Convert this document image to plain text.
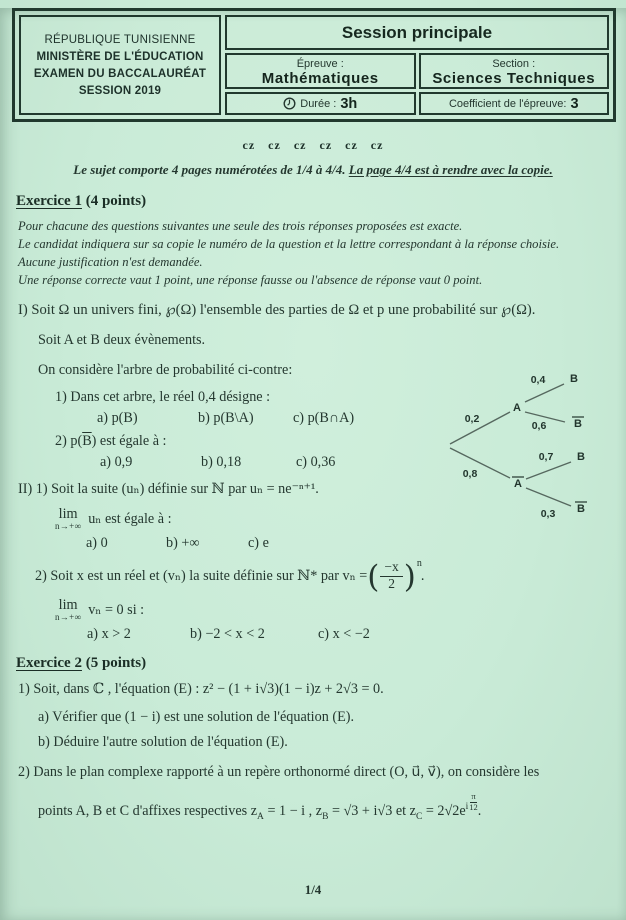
RÉPUBLIQUE TUNISIENNE
MINISTÈRE DE L'ÉDUCATION
EXAMEN DU BACCALAURÉAT
SESSION 2019
Session principale
Épreuve :
Mathématiques
Section :
Sciences Techniques
Durée : 3h	Coefficient de l'épreuve: 3
cz cz cz cz cz cz
Le sujet comporte 4 pages numérotées de 1/4 à 4/4. La page 4/4 est à rendre avec la copie.
Exercice 1 (4 points)
Pour chacune des questions suivantes une seule des trois réponses proposées est exacte.
Le candidat indiquera sur sa copie le numéro de la question et la lettre correspondant à la réponse choisie.
Aucune justification n'est demandée.
Une réponse correcte vaut 1 point, une réponse fausse ou l'absence de réponse vaut 0 point.
I) Soit Ω un univers fini, ℘(Ω) l'ensemble des parties de Ω et p une probabilité sur ℘(Ω).
Soit A et B deux évènements.
On considère l'arbre de probabilité ci-contre:
1) Dans cet arbre, le réel 0,4 désigne :
a) p(B)	b) p(B\A)	c) p(B∩A)
2) $p(\overline{B})$ est égale à :
a) 0,9	b) 0,18	c) 0,36
II) 1) Soit la suite (uₙ) définie sur ℕ par uₙ = ne⁻ⁿ⁺¹.
lim
n→+∞ uₙ est égale à :
a) 0	b) +∞	c) e
2) Soit x est un réel et (vₙ) la suite définie sur ℕ* par vₙ = ( $\frac{-x}{2}$ ) n
.
lim
n→+∞ vₙ = 0 si :
a) x > 2	b) −2 < x < 2	c) x < −2
0,2
0,8
0,4
0,6
0,7
0,3
A
A
B
B
B
B
Exercice 2 (5 points)
1) Soit, dans ℂ , l'équation (E) : z² − (1 + i√3)(1 − i)z + 2√3 = 0.
a) Vérifier que (1 − i) est une solution de l'équation (E).
b) Déduire l'autre solution de l'équation (E).
2) Dans le plan complexe rapporté à un repère orthonormé direct (O, u⃗, v⃗), on considère les
points A, B et C d'affixes respectives $z_A = 1 - i$ , $z_B = √3 + i√3$ et $z_C = 2√2e$ i $\frac{\pi}{12}$ .
1/4
